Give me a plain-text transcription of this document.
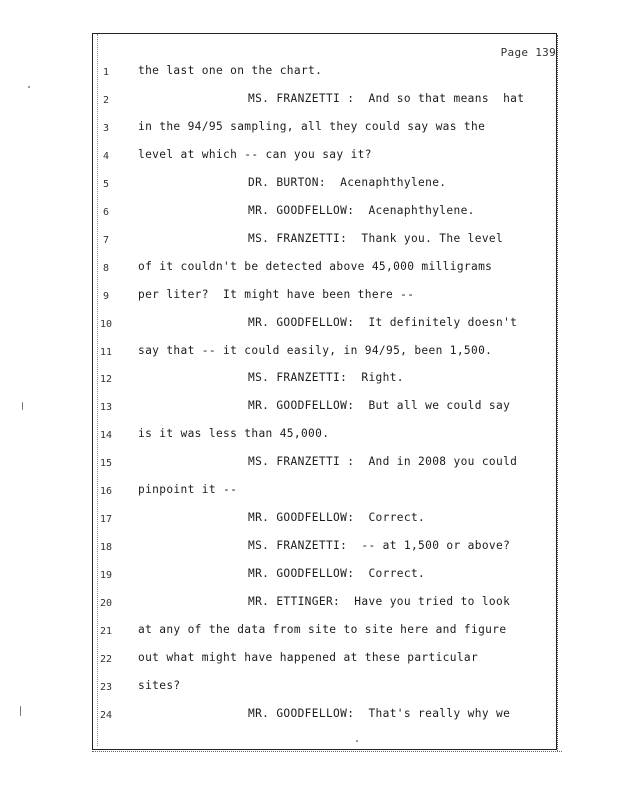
Page 139
1	the last one on the chart.
2	MS. FRANZETTI :  And so that means  hat
3	in the 94/95 sampling, all they could say was the
4	level at which -- can you say it?
5	DR. BURTON:  Acenaphthylene.
6	MR. GOODFELLOW:  Acenaphthylene.
7	MS. FRANZETTI:  Thank you. The level
8	of it couldn't be detected above 45,000 milligrams
9	per liter?  It might have been there --
10	MR. GOODFELLOW:  It definitely doesn't
11	say that -- it could easily, in 94/95, been 1,500.
12	MS. FRANZETTI:  Right.
13	MR. GOODFELLOW:  But all we could say
14	is it was less than 45,000.
15	MS. FRANZETTI :  And in 2008 you could
16	pinpoint it --
17	MR. GOODFELLOW:  Correct.
18	MS. FRANZETTI:  -- at 1,500 or above?
19	MR. GOODFELLOW:  Correct.
20	MR. ETTINGER:  Have you tried to look
21	at any of the data from site to site here and figure
22	out what might have happened at these particular
23	sites?
24	MR. GOODFELLOW:  That's really why we
